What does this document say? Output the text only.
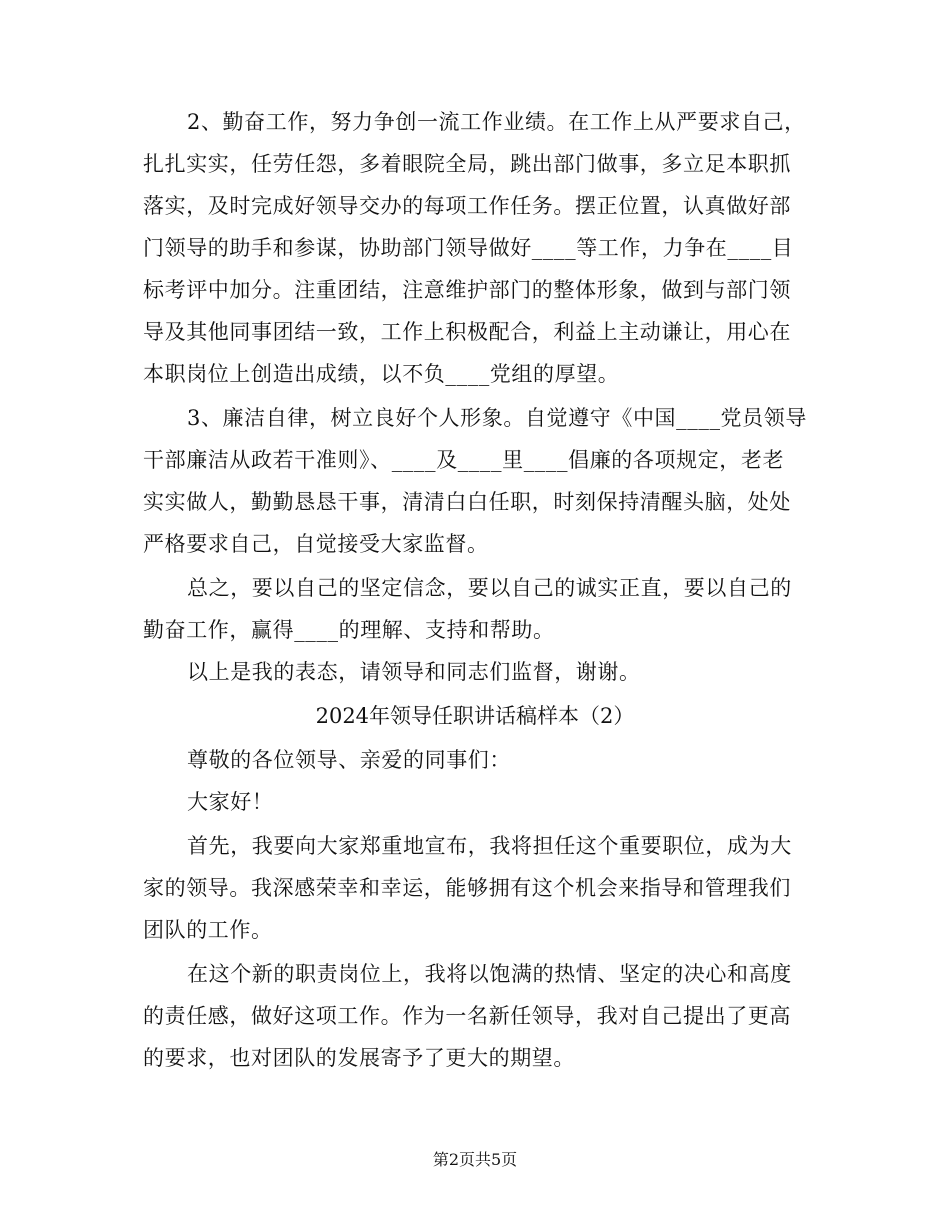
2、勤奋工作，努力争创一流工作业绩。在工作上从严要求自己，
扎扎实实，任劳任怨，多着眼院全局，跳出部门做事，多立足本职抓
落实，及时完成好领导交办的每项工作任务。摆正位置，认真做好部
门领导的助手和参谋，协助部门领导做好____等工作，力争在____目
标考评中加分。注重团结，注意维护部门的整体形象，做到与部门领
导及其他同事团结一致，工作上积极配合，利益上主动谦让，用心在
本职岗位上创造出成绩，以不负____党组的厚望。
3、廉洁自律，树立良好个人形象。自觉遵守《中国____党员领导
干部廉洁从政若干准则》、____及____里____倡廉的各项规定，老老
实实做人，勤勤恳恳干事，清清白白任职，时刻保持清醒头脑，处处
严格要求自己，自觉接受大家监督。
总之，要以自己的坚定信念，要以自己的诚实正直，要以自己的
勤奋工作，赢得____的理解、支持和帮助。
以上是我的表态，请领导和同志们监督，谢谢。
2024年领导任职讲话稿样本（2）
尊敬的各位领导、亲爱的同事们：
大家好！
首先，我要向大家郑重地宣布，我将担任这个重要职位，成为大
家的领导。我深感荣幸和幸运，能够拥有这个机会来指导和管理我们
团队的工作。
在这个新的职责岗位上，我将以饱满的热情、坚定的决心和高度
的责任感，做好这项工作。作为一名新任领导，我对自己提出了更高
的要求，也对团队的发展寄予了更大的期望。
第2页共5页
